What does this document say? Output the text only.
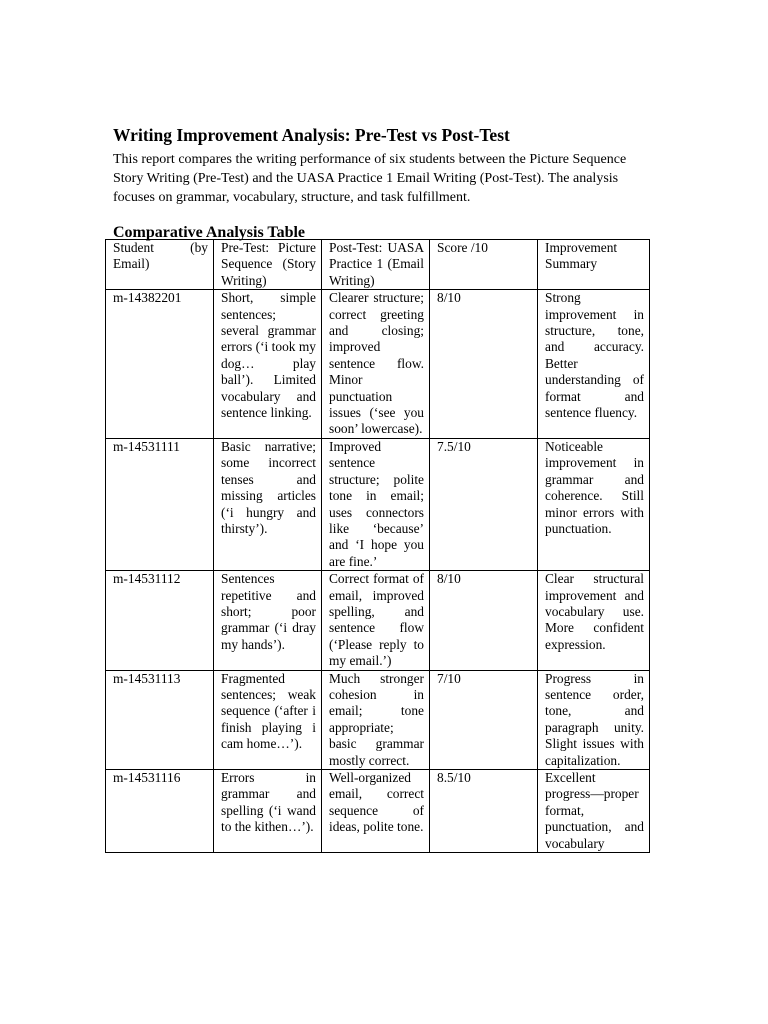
Writing Improvement Analysis: Pre-Test vs Post-Test

This report compares the writing performance of six students between the Picture Sequence Story Writing (Pre-Test) and the UASA Practice 1 Email Writing (Post-Test). The analysis focuses on grammar, vocabulary, structure, and task fulfillment.

Comparative Analysis Table
Student (by Email)	Pre-Test: Picture Sequence (Story Writing)	Post-Test: UASA Practice 1 (Email Writing)	Score /10	Improvement Summary
m-14382201	Short, simple sentences; several grammar errors (‘i took my dog… play ball’). Limited vocabulary and sentence linking.	Clearer structure; correct greeting and closing; improved sentence flow. Minor punctuation issues (‘see you soon’ lowercase).	8/10	Strong improvement in structure, tone, and accuracy. Better understanding of format and sentence fluency.
m-14531111	Basic narrative; some incorrect tenses and missing articles (‘i hungry and thirsty’).	Improved sentence structure; polite tone in email; uses connectors like ‘because’ and ‘I hope you are fine.’	7.5/10	Noticeable improvement in grammar and coherence. Still minor errors with punctuation.
m-14531112	Sentences repetitive and short; poor grammar (‘i dray my hands’).	Correct format of email, improved spelling, and sentence flow (‘Please reply to my email.’)	8/10	Clear structural improvement and vocabulary use. More confident expression.
m-14531113	Fragmented sentences; weak sequence (‘after i finish playing i cam home…’).	Much stronger cohesion in email; tone appropriate; basic grammar mostly correct.	7/10	Progress in sentence order, tone, and paragraph unity. Slight issues with capitalization.
m-14531116	Errors in grammar and spelling (‘i wand to the kithen…’).	Well-organized email, correct sequence of ideas, polite tone.	8.5/10	Excellent progress—proper format, punctuation, and vocabulary
